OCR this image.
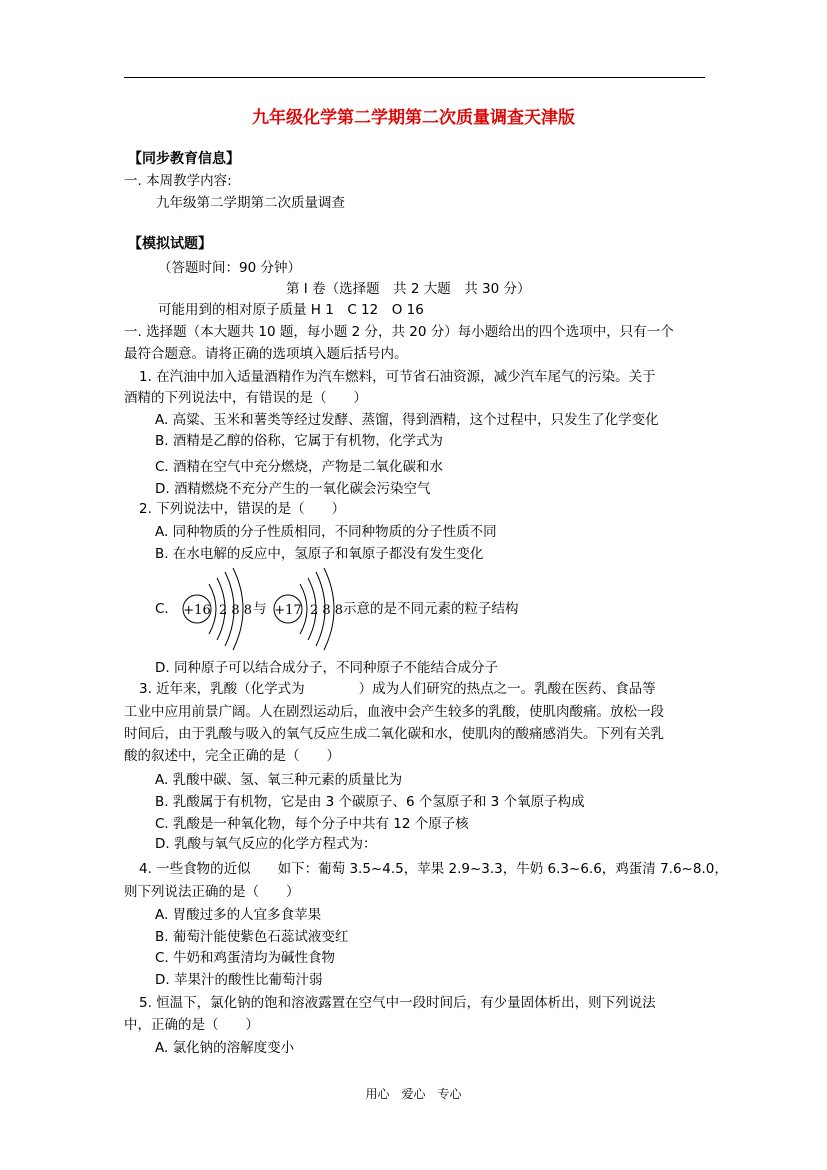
九年级化学第二学期第二次质量调查天津版
【同步教育信息】
一. 本周教学内容:
九年级第二学期第二次质量调查
【模拟试题】
（答题时间：90 分钟）
第 I 卷（选择题　共 2 大题　共 30 分）
可能用到的相对原子质量 H 1　C 12　O 16
一. 选择题（本大题共 10 题，每小题 2 分，共 20 分）每小题给出的四个选项中，只有一个
最符合题意。请将正确的选项填入题后括号内。
1. 在汽油中加入适量酒精作为汽车燃料，可节省石油资源，减少汽车尾气的污染。关于
酒精的下列说法中，有错误的是（　　）
A. 高粱、玉米和薯类等经过发酵、蒸馏，得到酒精，这个过程中，只发生了化学变化
B. 酒精是乙醇的俗称，它属于有机物，化学式为
C. 酒精在空气中充分燃烧，产物是二氧化碳和水
D. 酒精燃烧不充分产生的一氧化碳会污染空气
2. 下列说法中，错误的是（　　）
A. 同种物质的分子性质相同，不同种物质的分子性质不同
B. 在水电解的反应中，氢原子和氧原子都没有发生变化
C. +16 2 8 8 与 +17 2 8 8 示意的是不同元素的粒子结构
D. 同种原子可以结合成分子，不同种原子不能结合成分子
3. 近年来，乳酸（化学式为　　　　）成为人们研究的热点之一。乳酸在医药、食品等
工业中应用前景广阔。人在剧烈运动后，血液中会产生较多的乳酸，使肌肉酸痛。放松一段
时间后，由于乳酸与吸入的氧气反应生成二氧化碳和水，使肌肉的酸痛感消失。下列有关乳
酸的叙述中，完全正确的是（　　）
A. 乳酸中碳、氢、氧三种元素的质量比为
B. 乳酸属于有机物，它是由 3 个碳原子、6 个氢原子和 3 个氧原子构成
C. 乳酸是一种氧化物，每个分子中共有 12 个原子核
D. 乳酸与氧气反应的化学方程式为：
4. 一些食物的近似　　如下：葡萄 3.5~4.5，苹果 2.9~3.3，牛奶 6.3~6.6，鸡蛋清 7.6~8.0，
则下列说法正确的是（　　）
A. 胃酸过多的人宜多食苹果
B. 葡萄汁能使紫色石蕊试液变红
C. 牛奶和鸡蛋清均为碱性食物
D. 苹果汁的酸性比葡萄汁弱
5. 恒温下，氯化钠的饱和溶液露置在空气中一段时间后，有少量固体析出，则下列说法
中，正确的是（　　）
A. 氯化钠的溶解度变小
用心　爱心　专心
